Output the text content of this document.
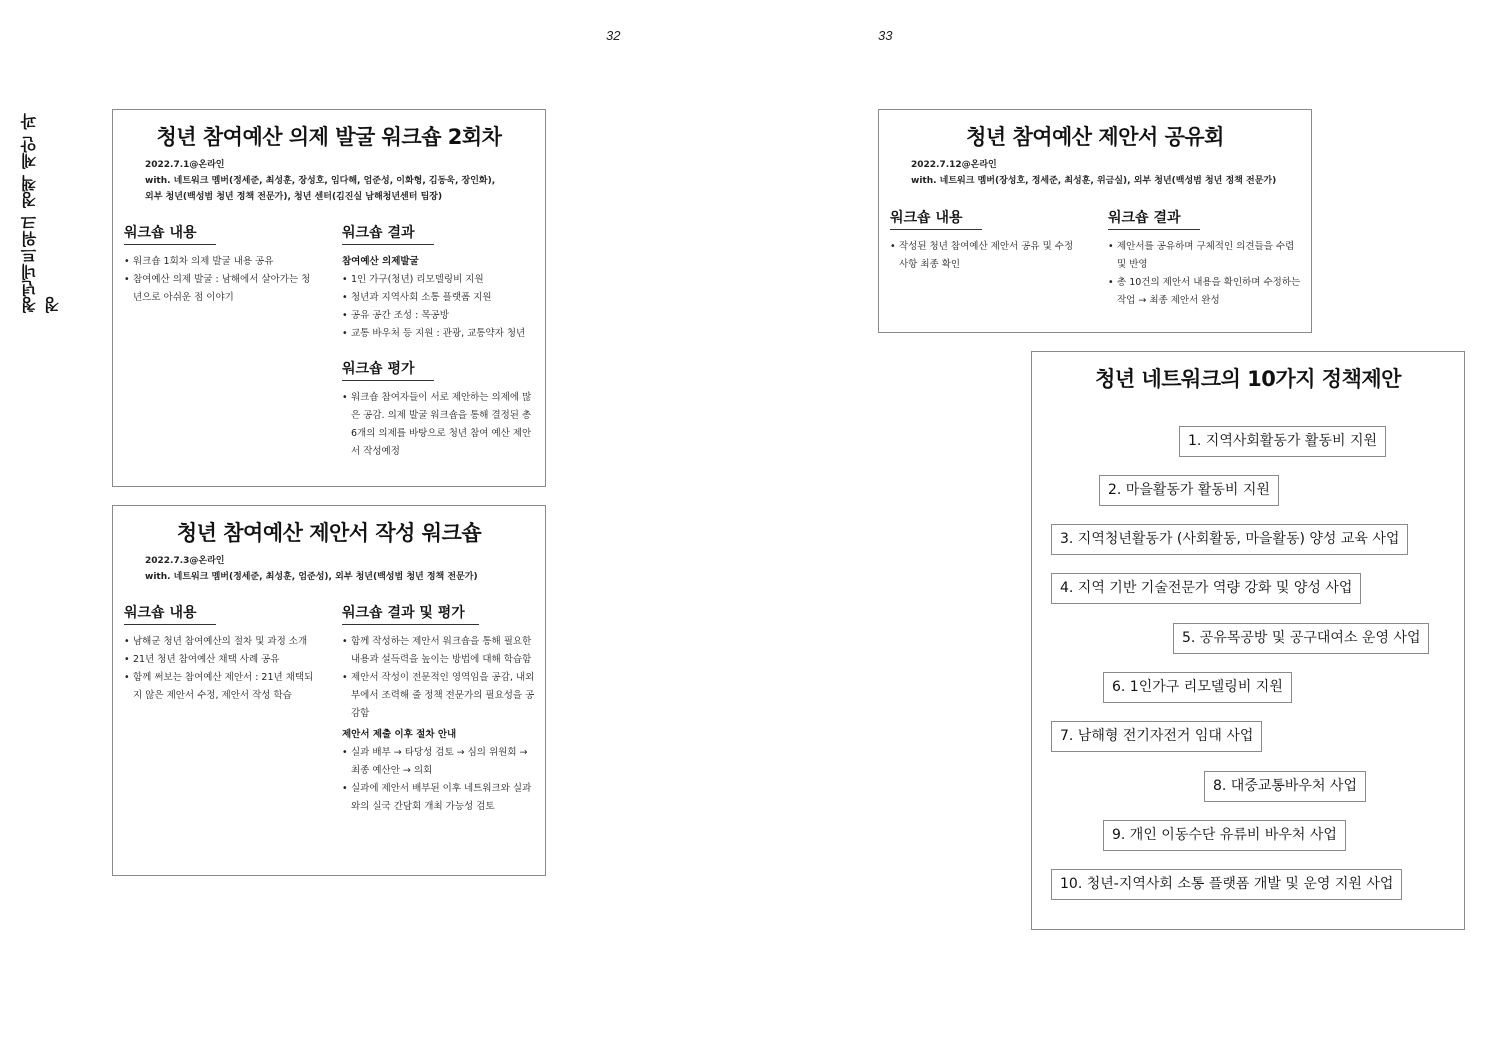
32	33
청년네트워크 정책 제안 과정
청년 참여예산 의제 발굴 워크숍 2회차
2022.7.1@온라인
with. 네트워크 멤버(정세준, 최성훈, 장성호, 임다해, 엄준성, 이화형, 김동욱, 장인화),
외부 청년(백성범 청년 정책 전문가), 청년 센터(김진실 남해청년센터 팀장)
워크숍 내용
• 워크숍 1회차 의제 발굴 내용 공유
• 참여예산 의제 발굴 : 남해에서 살아가는 청년으로 아쉬운 점 이야기
워크숍 결과
참여예산 의제발굴
• 1인 가구(청년) 리모델링비 지원
• 청년과 지역사회 소통 플랫폼 지원
• 공유 공간 조성 : 목공방
• 교통 바우처 등 지원 : 관광, 교통약자 청년
워크숍 평가
• 워크숍 참여자들이 서로 제안하는 의제에 많은 공감. 의제 발굴 워크숍을 통해 결정된 총 6개의 의제를 바탕으로 청년 참여 예산 제안서 작성예정
청년 참여예산 제안서 작성 워크숍
2022.7.3@온라인
with. 네트워크 멤버(정세준, 최성훈, 엄준성), 외부 청년(백성범 청년 정책 전문가)
워크숍 내용
• 남해군 청년 참여예산의 절차 및 과정 소개
• 21년 청년 참여예산 채택 사례 공유
• 함께 써보는 참여예산 제안서 : 21년 채택되지 않은 제안서 수정, 제안서 작성 학습
워크숍 결과 및 평가
• 함께 작성하는 제안서 워크숍을 통해 필요한 내용과 설득력을 높이는 방법에 대해 학습함
• 제안서 작성이 전문적인 영역임을 공감, 내외부에서 조력해 줄 정책 전문가의 필요성을 공감함
제안서 제출 이후 절차 안내
• 실과 배부 → 타당성 검토 → 심의 위원회 → 최종 예산안 → 의회
• 실과에 제안서 배부된 이후 네트워크와 실과와의 실국 간담회 개최 가능성 검토
청년 참여예산 제안서 공유회
2022.7.12@온라인
with. 네트워크 멤버(장성호, 정세준, 최성훈, 위금실), 외부 청년(백성범 청년 정책 전문가)
워크숍 내용
• 작성된 청년 참여예산 제안서 공유 및 수정사항 최종 확인
워크숍 결과
• 제안서를 공유하며 구체적인 의견들을 수렴 및 반영
• 총 10건의 제안서 내용을 확인하며 수정하는 작업 → 최종 제안서 완성
청년 네트워크의 10가지 정책제안
1. 지역사회활동가 활동비 지원
2. 마을활동가 활동비 지원
3. 지역청년활동가 (사회활동, 마을활동) 양성 교육 사업
4. 지역 기반 기술전문가 역량 강화 및 양성 사업
5. 공유목공방 및 공구대여소 운영 사업
6. 1인가구 리모델링비 지원
7. 남해형 전기자전거 임대 사업
8. 대중교통바우처 사업
9. 개인 이동수단 유류비 바우처 사업
10. 청년-지역사회 소통 플랫폼 개발 및 운영 지원 사업
